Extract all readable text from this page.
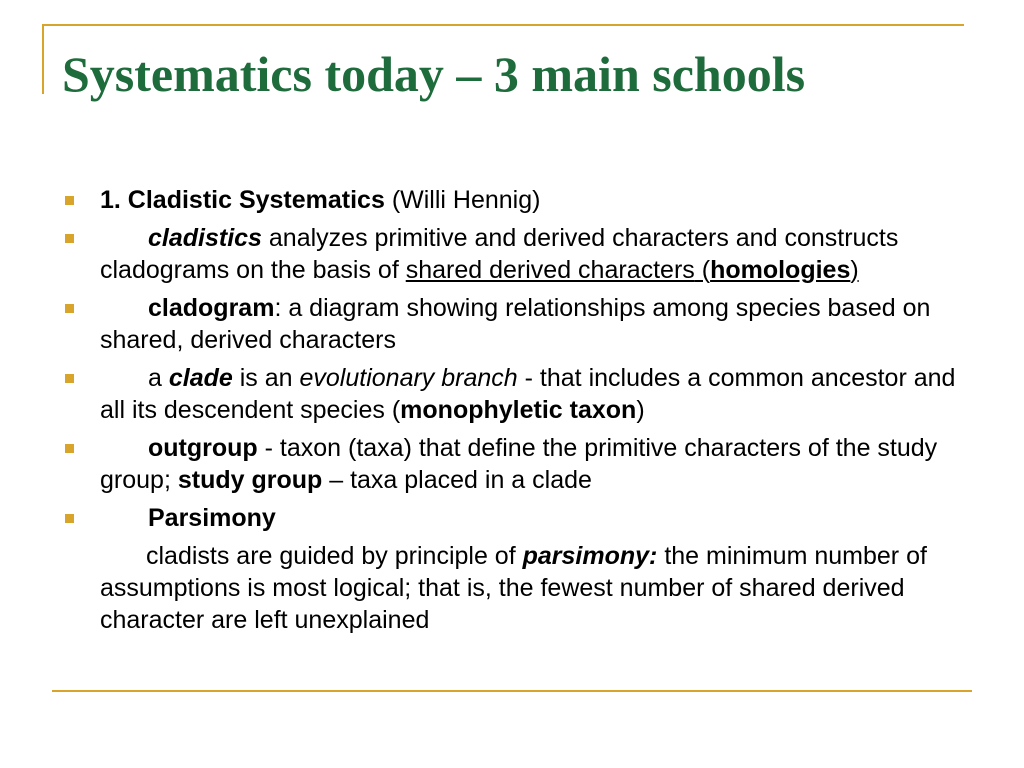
Systematics today – 3 main schools
1. Cladistic Systematics (Willi Hennig)
cladistics analyzes primitive and derived characters and constructs cladograms on the basis of shared derived characters (homologies)
cladogram: a diagram showing relationships among species based on shared, derived characters
a clade is an evolutionary branch - that includes a common ancestor and all its descendent species (monophyletic taxon)
outgroup - taxon (taxa) that define the primitive characters of the study group; study group – taxa placed in a clade
Parsimony
cladists are guided by principle of parsimony: the minimum number of assumptions is most logical; that is, the fewest number of shared derived character are left unexplained
